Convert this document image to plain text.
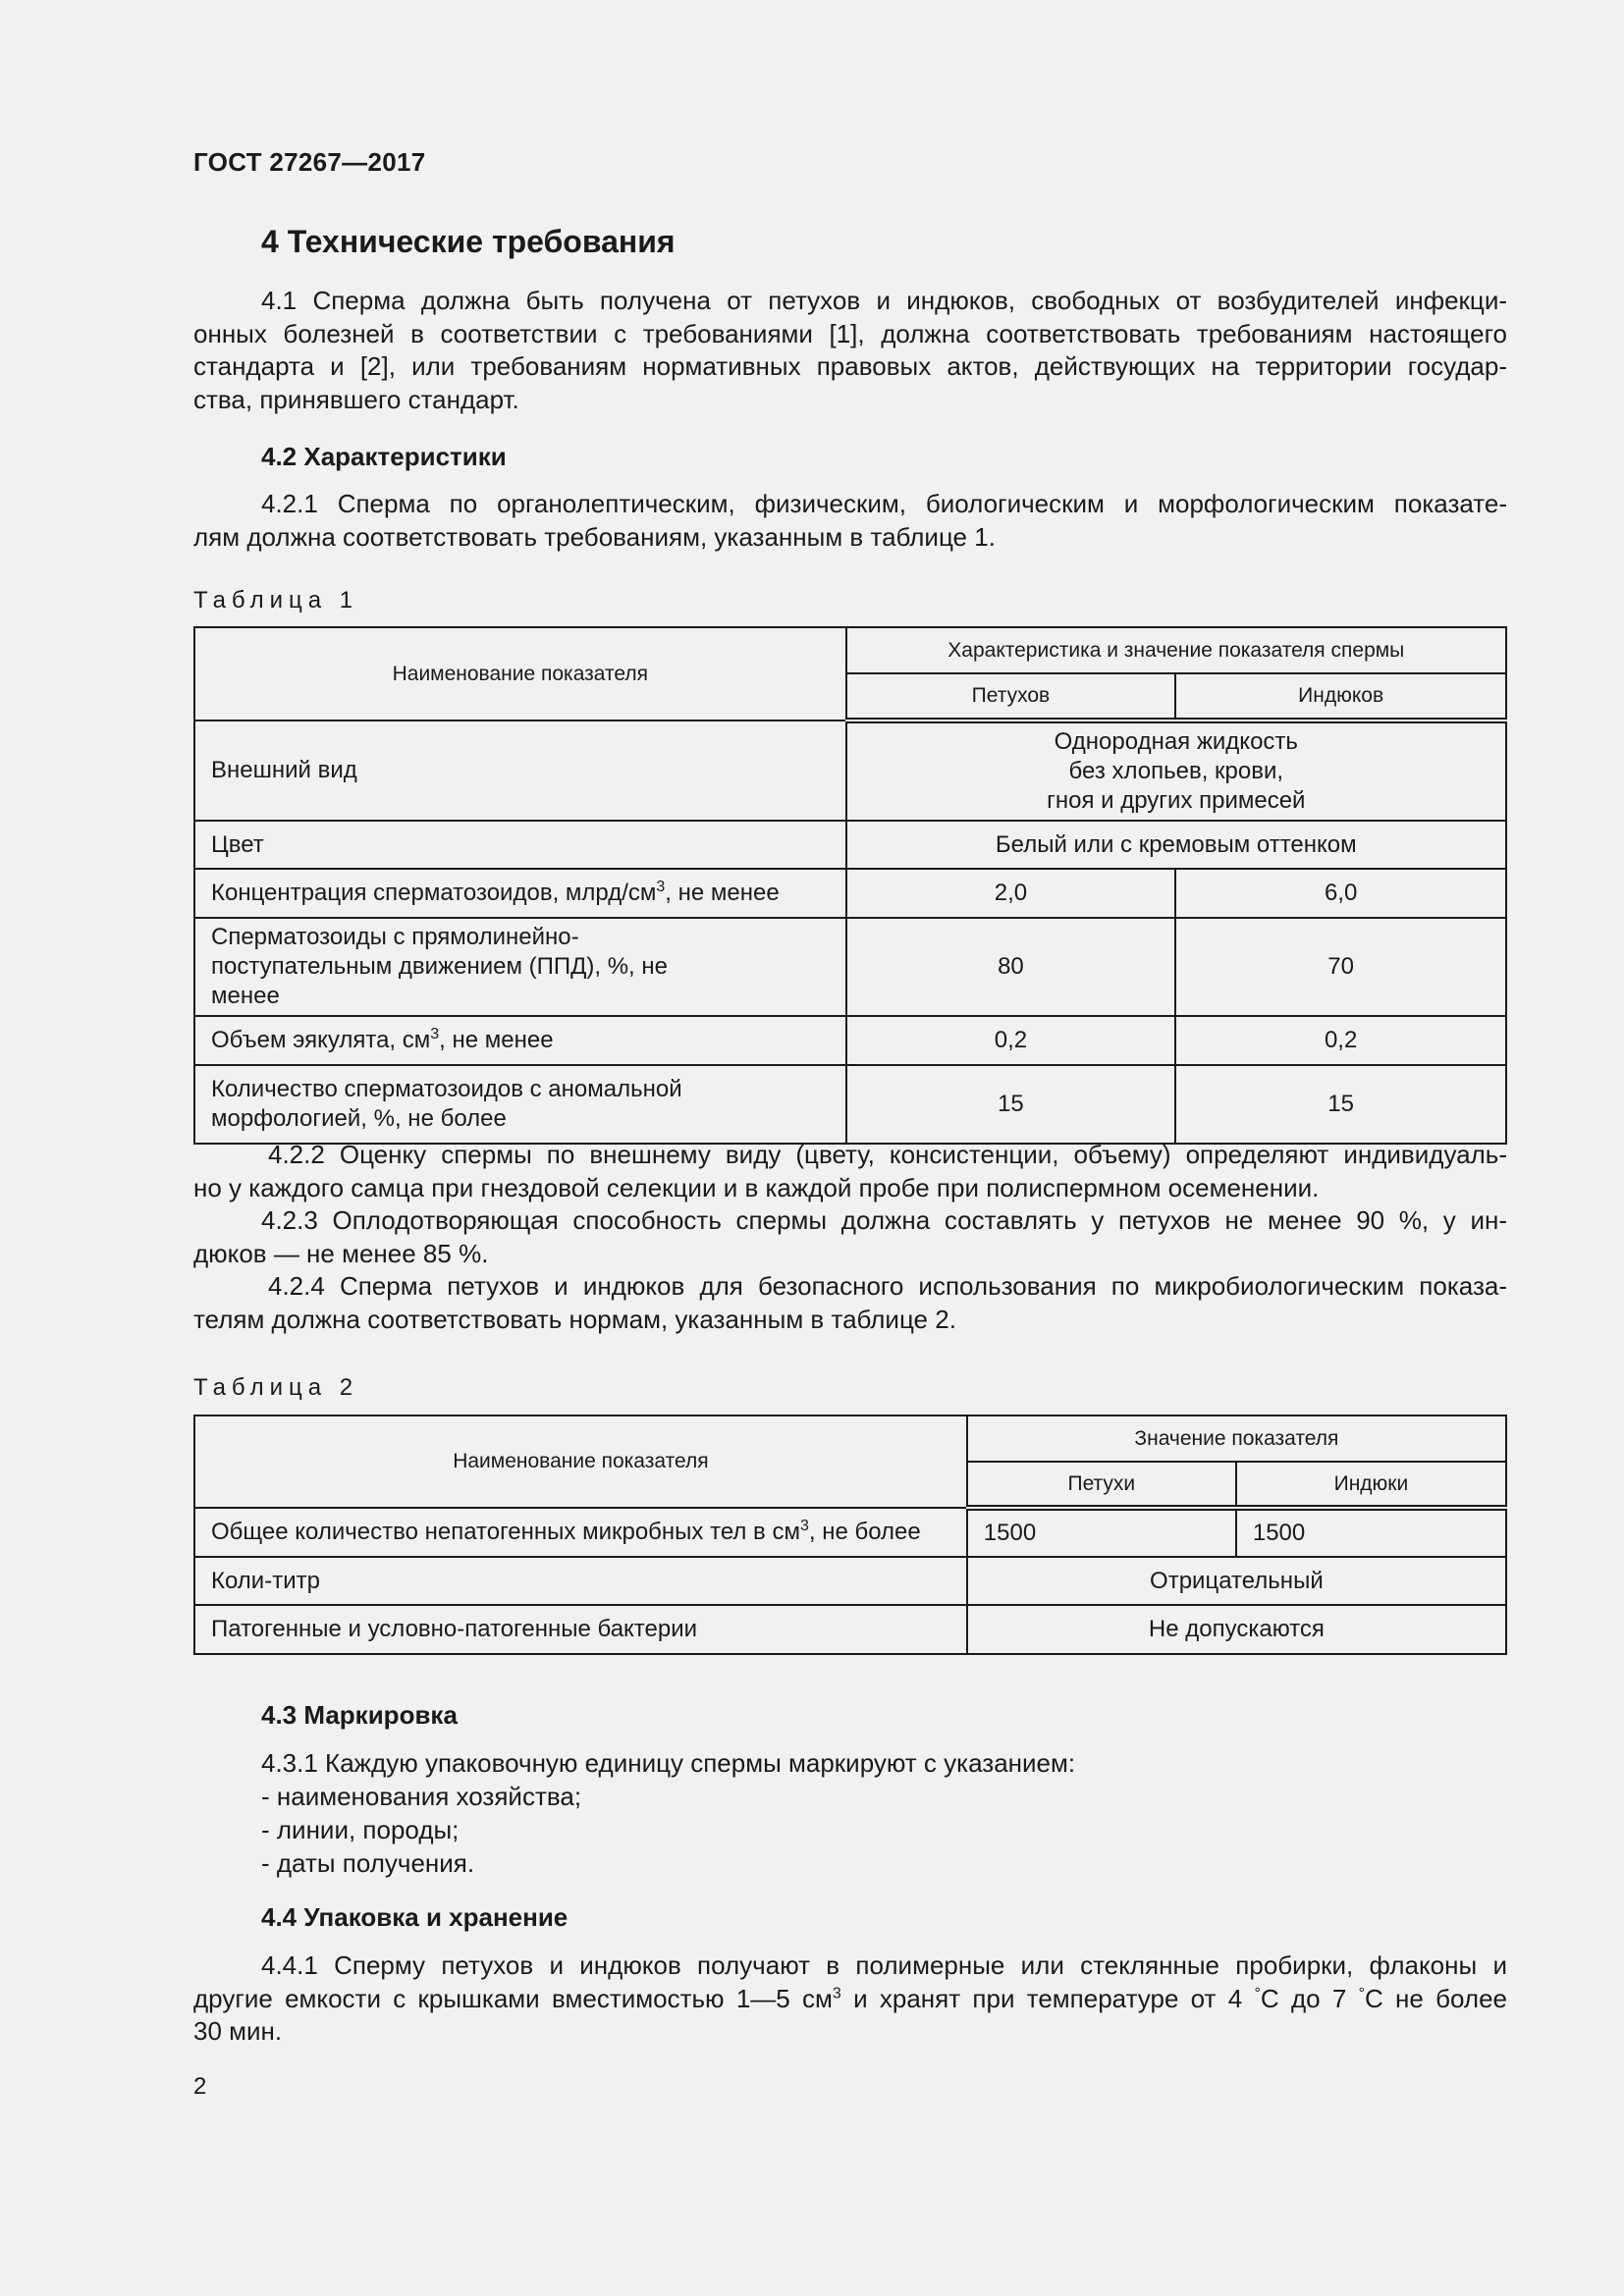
ГОСТ 27267—2017
4 Технические требования
4.1 Сперма должна быть получена от петухов и индюков, свободных от возбудителей инфекци-
онных болезней в соответствии с требованиями [1], должна соответствовать требованиям настоящего
стандарта и [2], или требованиям нормативных правовых актов, действующих на территории государ-
ства, принявшего стандарт.
4.2 Характеристики
4.2.1 Сперма по органолептическим, физическим, биологическим и морфологическим показате-
лям должна соответствовать требованиям, указанным в таблице 1.
Таблица 1
Наименование показателя	Характеристика и значение показателя спермы	
	Петухов	Индюков
Внешний вид	Однородная жидкость без хлопьев, крови, гноя и других примесей	
Цвет	Белый или с кремовым оттенком	
Концентрация сперматозоидов, млрд/$см^3$, не менее	2,0	6,0
Сперматозоиды с прямолинейно-поступательным движением (ППД), %, не менее	80	70
Объем эякулята, $см^3$, не менее	0,2	0,2
Количество сперматозоидов с аномальной морфологией, %, не более	15	15
4.2.2 Оценку спермы по внешнему виду (цвету, консистенции, объему) определяют индивидуаль-
но у каждого самца при гнездовой селекции и в каждой пробе при полиспермном осеменении.
4.2.3 Оплодотворяющая способность спермы должна составлять у петухов не менее 90 %, у ин-
дюков — не менее 85 %.
4.2.4 Сперма петухов и индюков для безопасного использования по микробиологическим показа-
телям должна соответствовать нормам, указанным в таблице 2.
Таблица 2
Наименование показателя	Значение показателя	
	Петухи	Индюки
Общее количество непатогенных микробных тел в $см^3$, не более	1500	1500
Коли-титр	Отрицательный	
Патогенные и условно-патогенные бактерии	Не допускаются	
4.3 Маркировка
4.3.1 Каждую упаковочную единицу спермы маркируют с указанием:
- наименования хозяйства;
- линии, породы;
- даты получения.
4.4 Упаковка и хранение
4.4.1 Сперму петухов и индюков получают в полимерные или стеклянные пробирки, флаконы и
другие емкости с крышками вместимостью 1—5 $см^3$ и хранят при температуре от 4 °С до 7 °С не более
30 мин.
2
